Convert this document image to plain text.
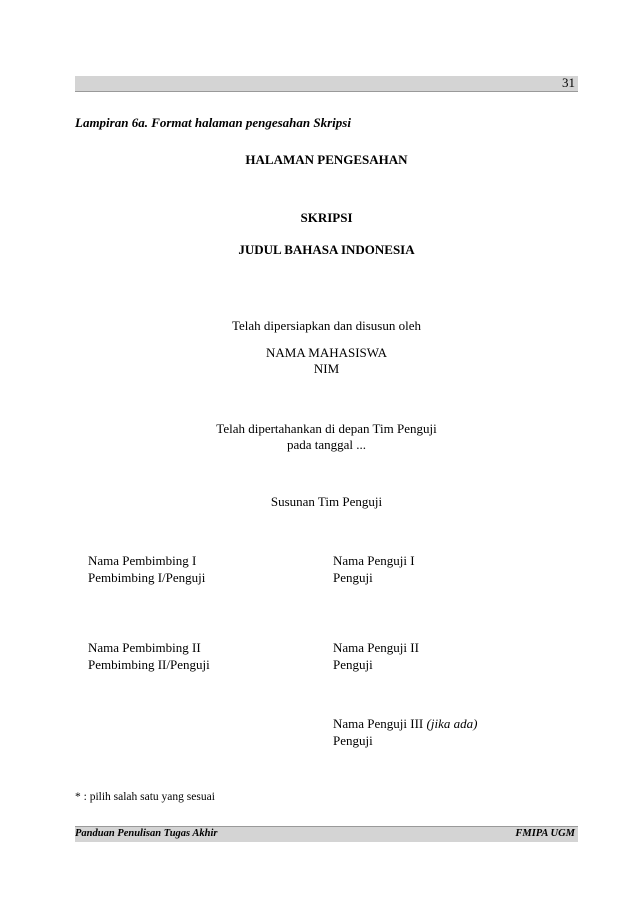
31
Lampiran 6a. Format halaman pengesahan Skripsi
HALAMAN PENGESAHAN
SKRIPSI
JUDUL BAHASA INDONESIA
Telah dipersiapkan dan disusun oleh
NAMA MAHASISWA
NIM
Telah dipertahankan di depan Tim Penguji
pada tanggal ...
Susunan Tim Penguji
Nama Pembimbing I
Pembimbing I/Penguji
Nama Penguji I
Penguji
Nama Pembimbing II
Pembimbing II/Penguji
Nama Penguji II
Penguji
Nama Penguji III (jika ada)
Penguji
* : pilih salah satu yang sesuai
Panduan Penulisan Tugas Akhir	FMIPA UGM
